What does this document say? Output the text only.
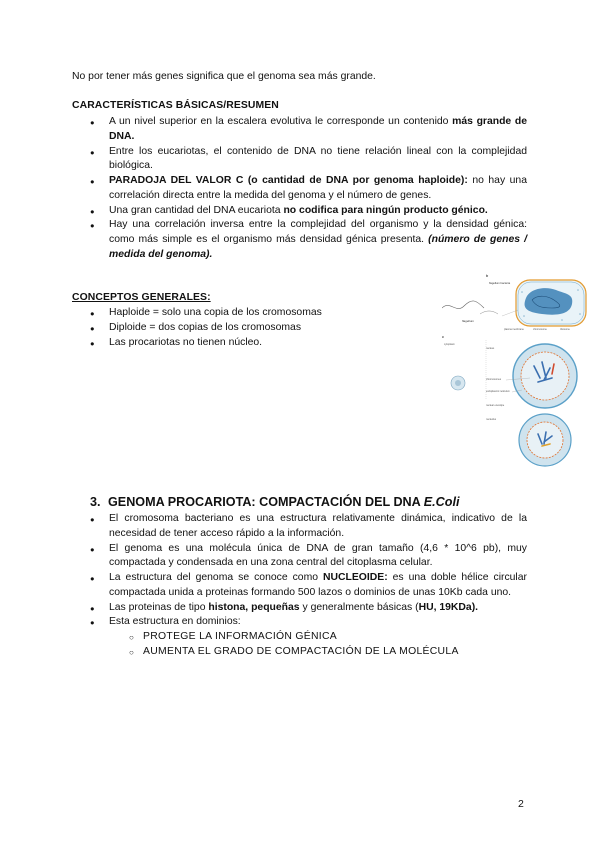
No por tener más genes significa que el genoma sea más grande.
CARACTERÍSTICAS BÁSICAS/RESUMEN
● A un nivel superior en la escalera evolutiva le corresponde un contenido más grande de DNA.
● Entre los eucariotas, el contenido de DNA no tiene relación lineal con la complejidad biológica.
● PARADOJA DEL VALOR C (o cantidad de DNA por genoma haploide): no hay una correlación directa entre la medida del genoma y el número de genes.
● Una gran cantidad del DNA eucariota no codifica para ningún producto génico.
● Hay una correlación inversa entre la complejidad del organismo y la densidad génica: como más simple es el organismo más densidad génica presenta. (número de genes / medida del genoma).
CONCEPTOS GENERALES:
● Haploide = solo una copia de los cromosomas
● Diploide = dos copias de los cromosomas
● Las procariotas no tienen núcleo.
b
flagellum bacteria
flagellum
plasma membrane	chromosome	ribosome
c
cytoplasm
nucleus
chromosomes
endoplasmic reticulum
nuclear envelope
nucleolus
3. GENOMA PROCARIOTA: COMPACTACIÓN DEL DNA E.Coli
● El cromosoma bacteriano es una estructura relativamente dinámica, indicativo de la necesidad de tener acceso rápido a la información.
● El genoma es una molécula única de DNA de gran tamaño (4,6 * 10^6 pb), muy compactada y condensada en una zona central del citoplasma celular.
● La estructura del genoma se conoce como NUCLEOIDE: es una doble hélice circular compactada unida a proteinas formando 500 lazos o dominios de unas 10Kb cada uno.
● Las proteinas de tipo histona, pequeñas y generalmente básicas (HU, 19KDa).
● Esta estructura en dominios:
○ PROTEGE LA INFORMACIÓN GÉNICA
○ AUMENTA EL GRADO DE COMPACTACIÓN DE LA MOLÉCULA
2
